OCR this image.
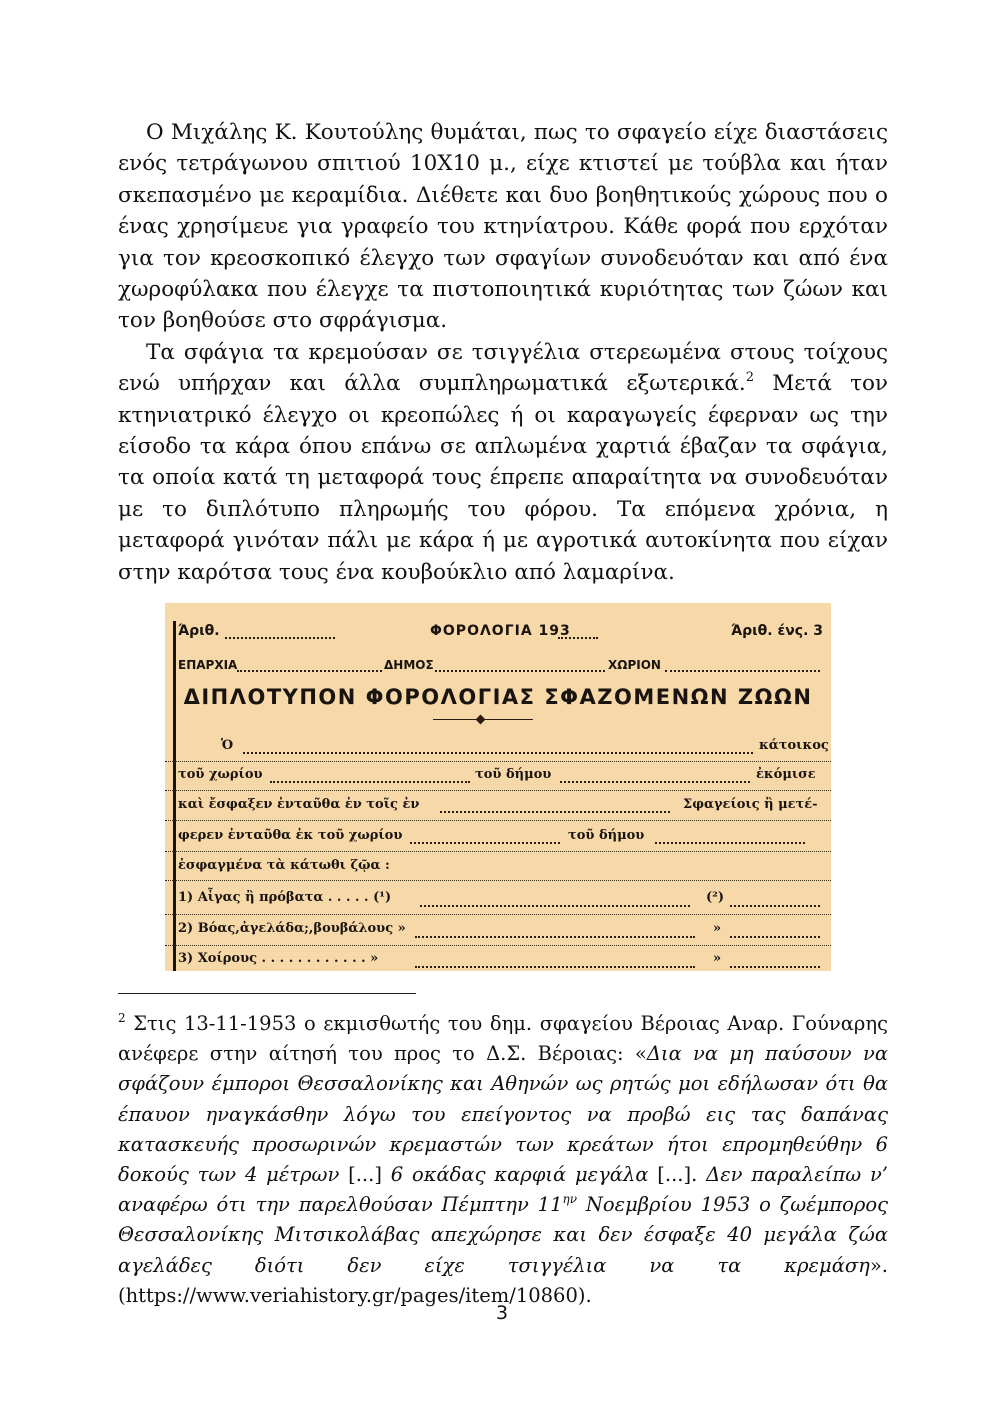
Ο Μιχάλης Κ. Κουτούλης θυμάται, πως το σφαγείο είχε διαστάσεις ενός τετράγωνου σπιτιού 10Χ10 μ., είχε κτιστεί με τούβλα και ήταν σκεπασμένο με κεραμίδια. Διέθετε και δυο βοηθητικούς χώρους που ο ένας χρησίμευε για γραφείο του κτηνίατρου. Κάθε φορά που ερχόταν για τον κρεοσκοπικό έλεγχο των σφαγίων συνοδευόταν και από ένα χωροφύλακα που έλεγχε τα πιστοποιητικά κυριότητας των ζώων και τον βοηθούσε στο σφράγισμα.

Τα σφάγια τα κρεμούσαν σε τσιγγέλια στερεωμένα στους τοίχους ενώ υπήρχαν και άλλα συμπληρωματικά εξωτερικά.$^2$ Μετά τον κτηνιατρικό έλεγχο οι κρεοπώλες ή οι καραγωγείς έφερναν ως την είσοδο τα κάρα όπου επάνω σε απλωμένα χαρτιά έβαζαν τα σφάγια, τα οποία κατά τη μεταφορά τους έπρεπε απαραίτητα να συνοδευόταν με το διπλότυπο πληρωμής του φόρου. Τα επόμενα χρόνια, η μεταφορά γινόταν πάλι με κάρα ή με αγροτικά αυτοκίνητα που είχαν στην καρότσα τους ένα κουβούκλιο από λαμαρίνα.

Άριθ.	ΦΟΡΟΛΟΓΙΑ 193	Άριθ. ένς. 3
ΕΠΑΡΧΙΑ	ΔΗΜΟΣ	ΧΩΡΙΟΝ
ΔΙΠΛΟΤΥΠΟΝ ΦΟΡΟΛΟΓΙΑΣ ΣΦΑΖΟΜΕΝΩΝ ΖΩΩΝ
Ὁ	κάτοικος
τοῦ χωρίου	τοῦ δήμου	ἐκόμισε
καὶ ἔσφαξεν ἐνταῦθα ἐν τοῖς ἐν	Σφαγείοις ἢ μετέ-
φερεν ἐνταῦθα ἐκ τοῦ χωρίου	τοῦ δήμου
ἐσφαγμένα τὰ κάτωθι ζῷα :
1) Αἶγας ἢ πρόβατα . . . . . (¹)	(²)
2) Βόας,ἀγελάδα;,βουβάλους »	»
3) Χοίρους . . . . . . . . . . . . »	»
$^2$ Στις 13-11-1953 ο εκμισθωτής του δημ. σφαγείου Βέροιας Αναρ. Γούναρης ανέφερε στην αίτησή του προς το Δ.Σ. Βέροιας: «Δια να μη παύσουν να σφάζουν έμποροι Θεσσαλονίκης και Αθηνών ως ρητώς μοι εδήλωσαν ότι θα έπαυον ηναγκάσθην λόγω του επείγοντος να προβώ εις τας δαπάνας κατασκευής προσωρινών κρεμαστών των κρεάτων ήτοι επρομηθεύθην 6 δοκούς των 4 μέτρων [...] 6 οκάδας καρφιά μεγάλα [...]. Δεν παραλείπω ν’ αναφέρω ότι την παρελθούσαν Πέμπτην $11^{\eta\nu}$ Νοεμβρίου 1953 ο ζωέμπορος Θεσσαλονίκης Μιτσικολάβας απεχώρησε και δεν έσφαξε 40 μεγάλα ζώα αγελάδες διότι δεν είχε τσιγγέλια να τα κρεμάση». (https://www.veriahistory.gr/pages/item/10860).
3
